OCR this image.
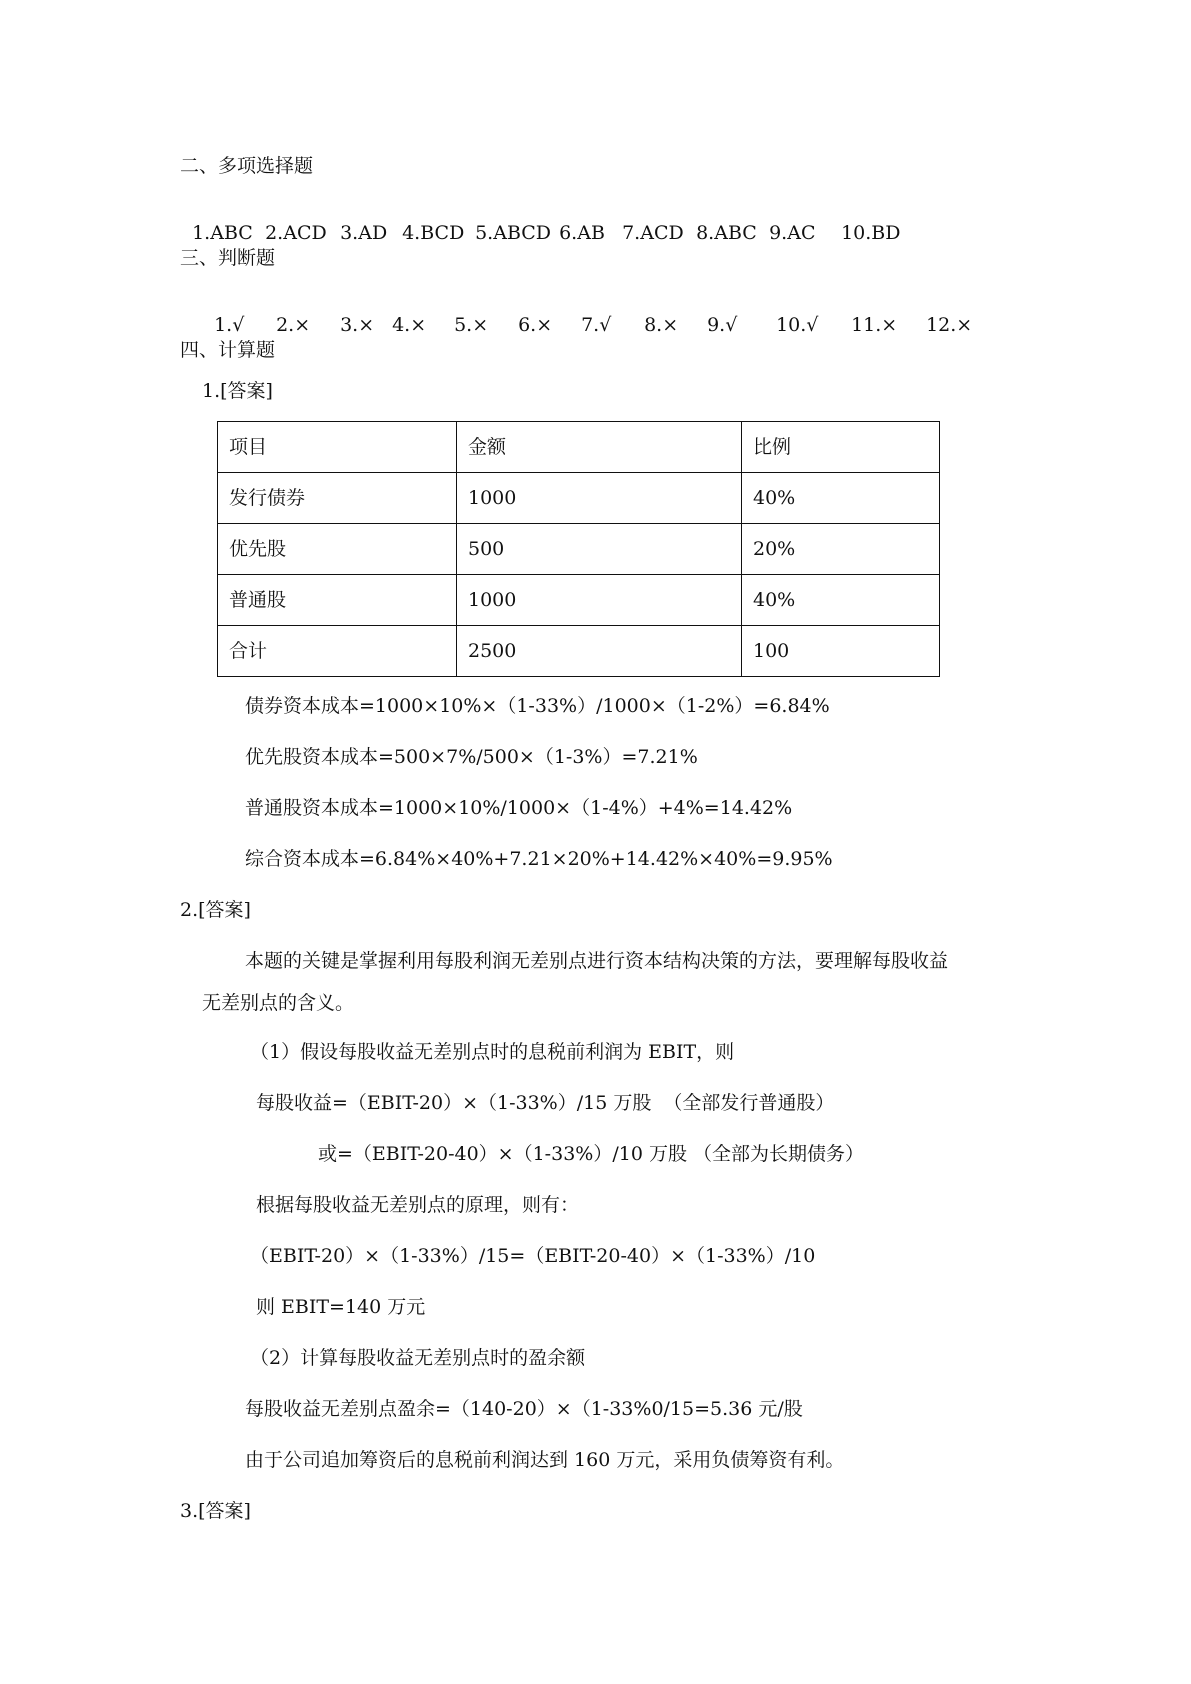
二、多项选择题

1.ABC 2.ACD 3.AD 4.BCD 5.ABCD 6.AB 7.ACD 8.ABC 9.AC 10.BD

三、判断题

1.√ 2.× 3.× 4.× 5.× 6.× 7.√ 8.× 9.√ 10.√ 11.× 12.×

四、计算题
1.[答案]
项目	金额	比例
发行债券	1000	40%
优先股	500	20%
普通股	1000	40%
合计	2500	100
债券资本成本=1000×10%×（1-33%）/1000×（1-2%）=6.84%
优先股资本成本=500×7%/500×（1-3%）=7.21%
普通股资本成本=1000×10%/1000×（1-4%）+4%=14.42%
综合资本成本=6.84%×40%+7.21×20%+14.42%×40%=9.95%
2.[答案]
本题的关键是掌握利用每股利润无差别点进行资本结构决策的方法，要理解每股收益
无差别点的含义。
（1）假设每股收益无差别点时的息税前利润为 EBIT，则
每股收益=（EBIT-20）×（1-33%）/15 万股  （全部发行普通股）
或=（EBIT-20-40）×（1-33%）/10 万股 （全部为长期债务）
根据每股收益无差别点的原理，则有：
（EBIT-20）×（1-33%）/15=（EBIT-20-40）×（1-33%）/10
则 EBIT=140 万元
（2）计算每股收益无差别点时的盈余额
每股收益无差别点盈余=（140-20）×（1-33%0/15=5.36 元/股
由于公司追加筹资后的息税前利润达到 160 万元，采用负债筹资有利。
3.[答案]
